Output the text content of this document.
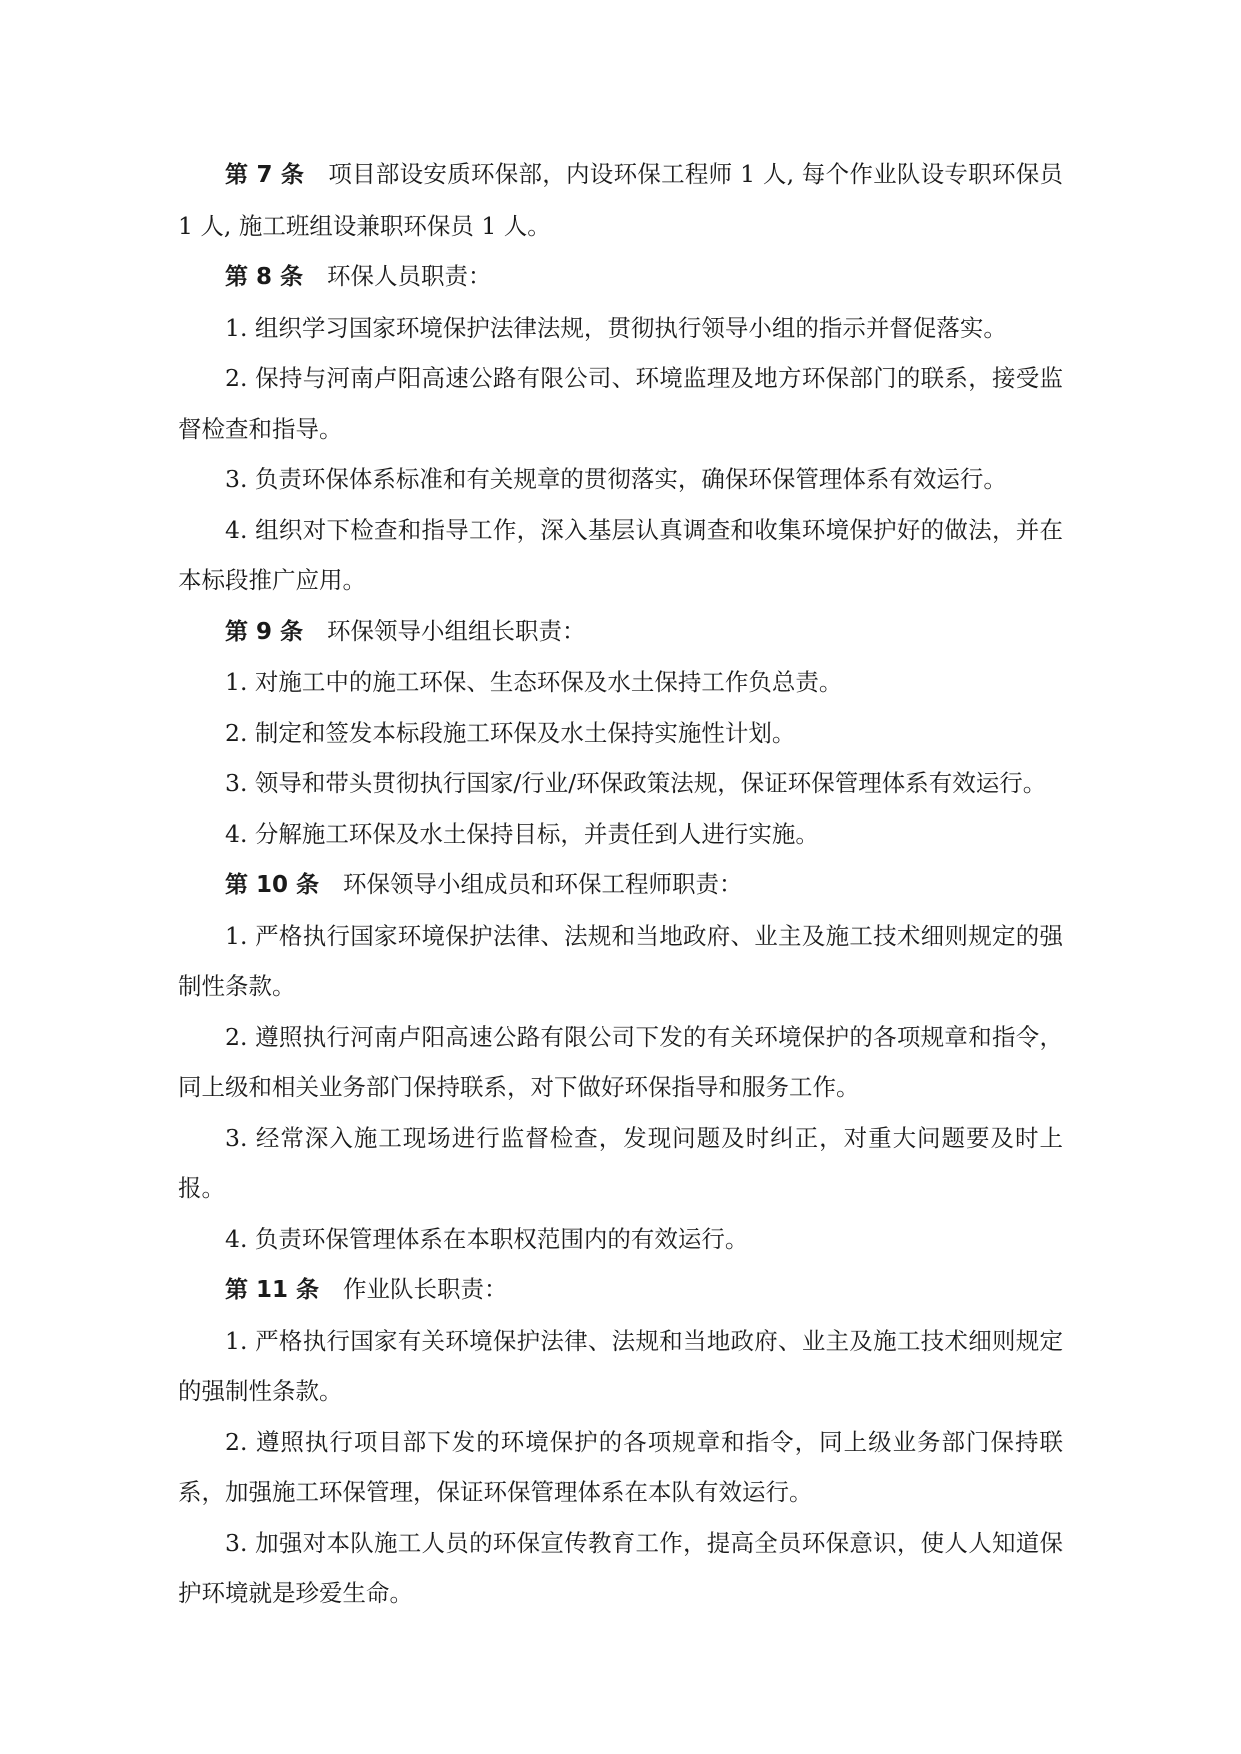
第 7 条 项目部设安质环保部，内设环保工程师 1 人, 每个作业队设专职环保员 1 人, 施工班组设兼职环保员 1 人。

第 8 条 环保人员职责：

1. 组织学习国家环境保护法律法规，贯彻执行领导小组的指示并督促落实。

2. 保持与河南卢阳高速公路有限公司、环境监理及地方环保部门的联系，接受监督检查和指导。

3. 负责环保体系标准和有关规章的贯彻落实，确保环保管理体系有效运行。

4. 组织对下检查和指导工作，深入基层认真调查和收集环境保护好的做法，并在本标段推广应用。

第 9 条 环保领导小组组长职责：

1. 对施工中的施工环保、生态环保及水土保持工作负总责。

2. 制定和签发本标段施工环保及水土保持实施性计划。

3. 领导和带头贯彻执行国家/行业/环保政策法规，保证环保管理体系有效运行。

4. 分解施工环保及水土保持目标，并责任到人进行实施。

第 10 条 环保领导小组成员和环保工程师职责：

1. 严格执行国家环境保护法律、法规和当地政府、业主及施工技术细则规定的强制性条款。

2. 遵照执行河南卢阳高速公路有限公司下发的有关环境保护的各项规章和指令，同上级和相关业务部门保持联系，对下做好环保指导和服务工作。

3. 经常深入施工现场进行监督检查，发现问题及时纠正，对重大问题要及时上报。

4. 负责环保管理体系在本职权范围内的有效运行。

第 11 条 作业队长职责：

1. 严格执行国家有关环境保护法律、法规和当地政府、业主及施工技术细则规定的强制性条款。

2. 遵照执行项目部下发的环境保护的各项规章和指令，同上级业务部门保持联系，加强施工环保管理，保证环保管理体系在本队有效运行。

3. 加强对本队施工人员的环保宣传教育工作，提高全员环保意识，使人人知道保护环境就是珍爱生命。
